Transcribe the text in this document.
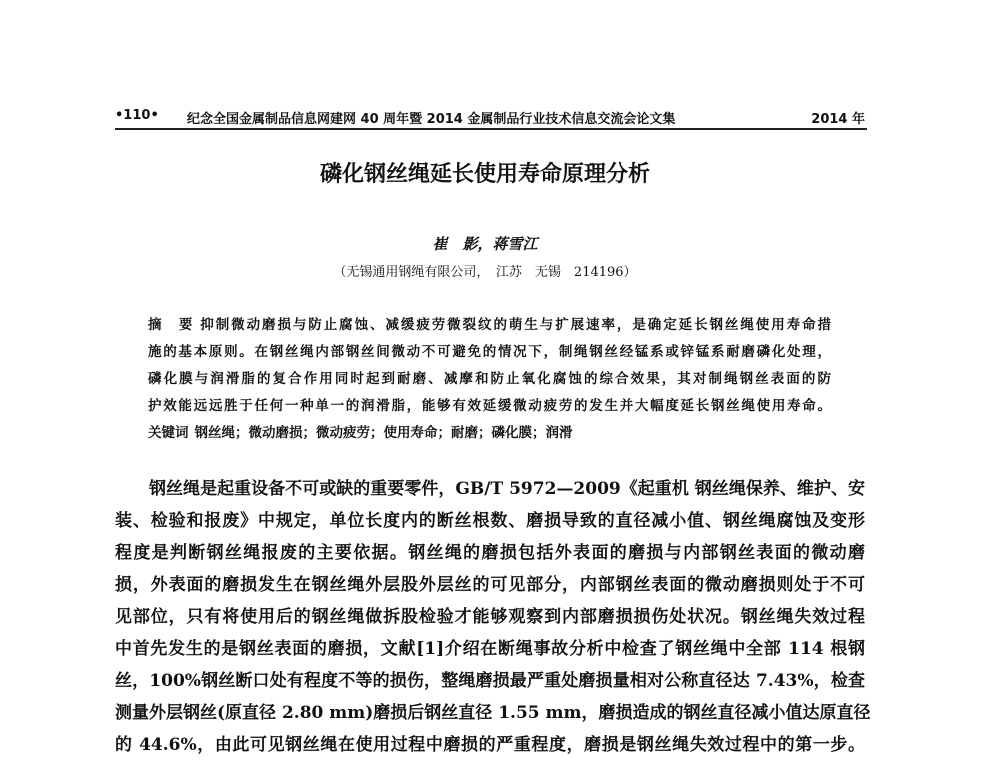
•110• 纪念全国金属制品信息网建网 40 周年暨 2014 金属制品行业技术信息交流会论文集	2014 年
磷化钢丝绳延长使用寿命原理分析
崔　影，蒋雪江
（无锡通用钢绳有限公司，　江苏　无锡　214196）
摘　要 抑制微动磨损与防止腐蚀、减缓疲劳微裂纹的萌生与扩展速率，是确定延长钢丝绳使用寿命措
施的基本原则。在钢丝绳内部钢丝间微动不可避免的情况下，制绳钢丝经锰系或锌锰系耐磨磷化处理，
磷化膜与润滑脂的复合作用同时起到耐磨、减摩和防止氧化腐蚀的综合效果，其对制绳钢丝表面的防
护效能远远胜于任何一种单一的润滑脂，能够有效延缓微动疲劳的发生并大幅度延长钢丝绳使用寿命。
关键词 钢丝绳；微动磨损；微动疲劳；使用寿命；耐磨；磷化膜；润滑
钢丝绳是起重设备不可或缺的重要零件，GB/T 5972—2009《起重机 钢丝绳保养、维护、安
装、检验和报废》中规定，单位长度内的断丝根数、磨损导致的直径减小值、钢丝绳腐蚀及变形
程度是判断钢丝绳报废的主要依据。钢丝绳的磨损包括外表面的磨损与内部钢丝表面的微动磨
损，外表面的磨损发生在钢丝绳外层股外层丝的可见部分，内部钢丝表面的微动磨损则处于不可
见部位，只有将使用后的钢丝绳做拆股检验才能够观察到内部磨损损伤处状况。钢丝绳失效过程
中首先发生的是钢丝表面的磨损，文献[1]介绍在断绳事故分析中检查了钢丝绳中全部 114 根钢
丝，100%钢丝断口处有程度不等的损伤，整绳磨损最严重处磨损量相对公称直径达 7.43%，检查
测量外层钢丝(原直径 2.80 mm)磨损后钢丝直径 1.55 mm，磨损造成的钢丝直径减小值达原直径
的 44.6%，由此可见钢丝绳在使用过程中磨损的严重程度，磨损是钢丝绳失效过程中的第一步。
